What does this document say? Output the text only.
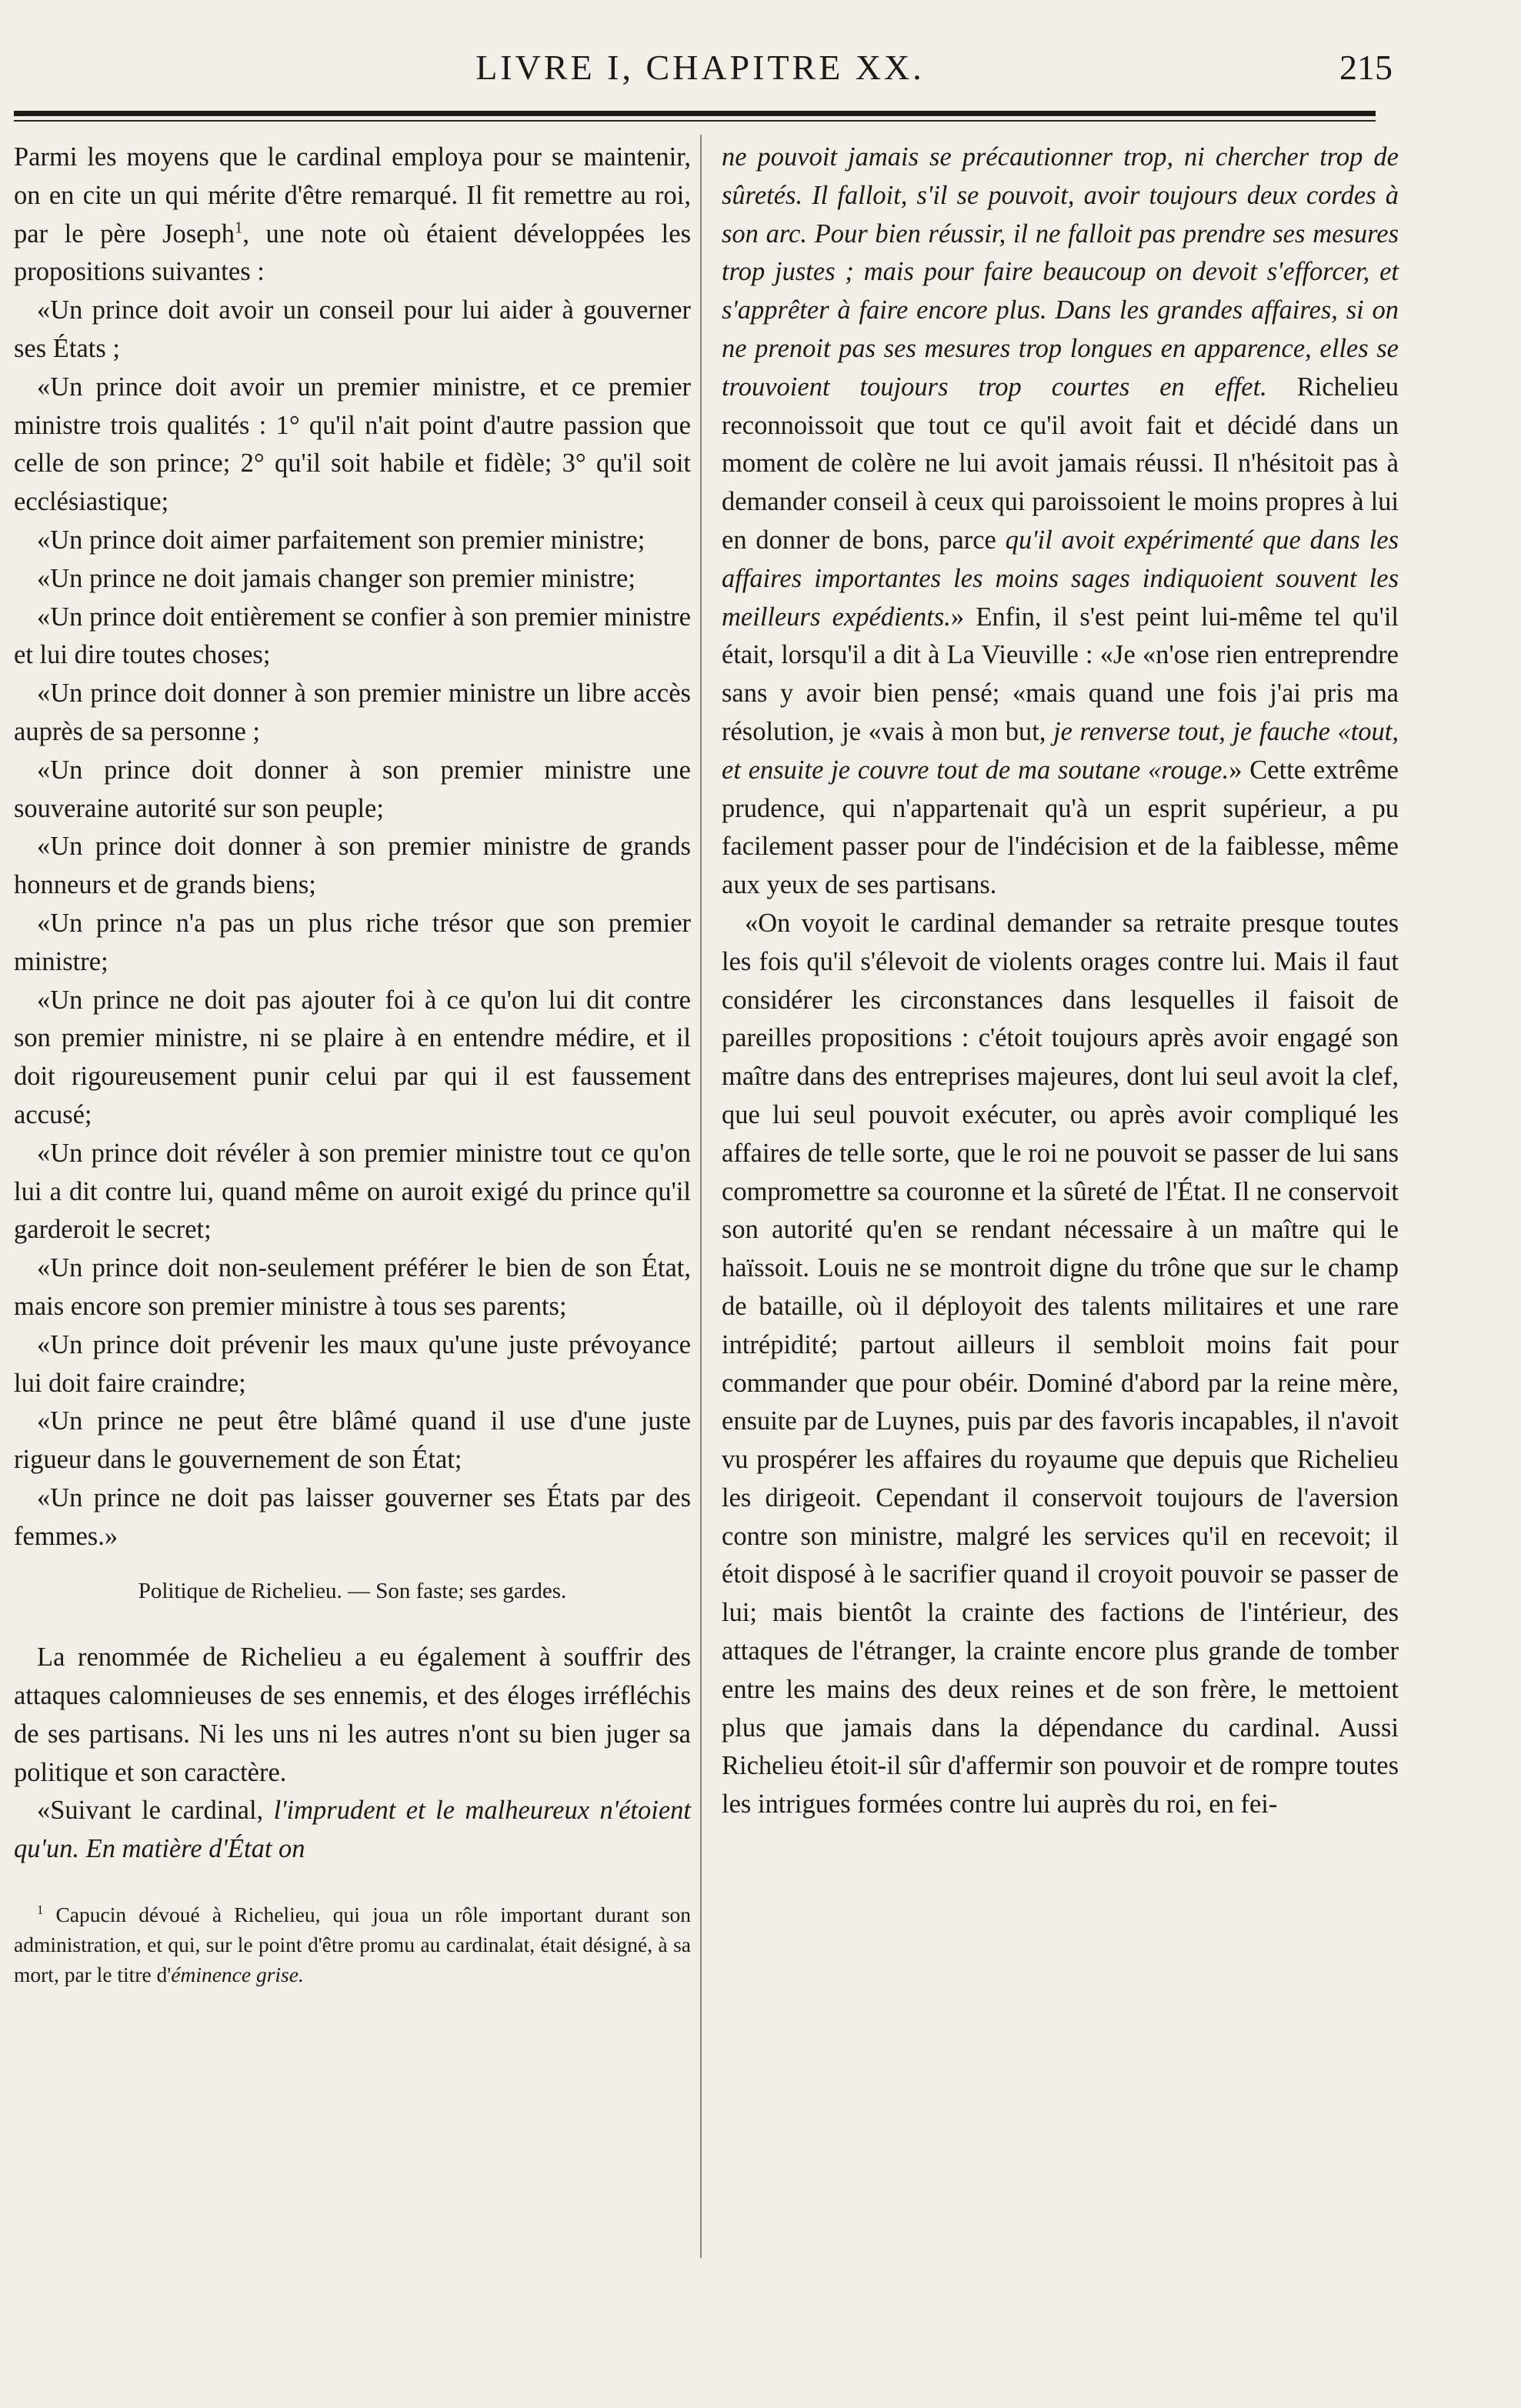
LIVRE I, CHAPITRE XX.	215

Parmi les moyens que le cardinal employa pour se maintenir, on en cite un qui mérite d'être remarqué. Il fit remettre au roi, par le père Joseph$^1$, une note où étaient développées les propositions suivantes :

«Un prince doit avoir un conseil pour lui aider à gouverner ses États ;

«Un prince doit avoir un premier ministre, et ce premier ministre trois qualités : 1° qu'il n'ait point d'autre passion que celle de son prince; 2° qu'il soit habile et fidèle; 3° qu'il soit ecclésiastique;

«Un prince doit aimer parfaitement son premier ministre;

«Un prince ne doit jamais changer son premier ministre;

«Un prince doit entièrement se confier à son premier ministre et lui dire toutes choses;

«Un prince doit donner à son premier ministre un libre accès auprès de sa personne ;

«Un prince doit donner à son premier ministre une souveraine autorité sur son peuple;

«Un prince doit donner à son premier ministre de grands honneurs et de grands biens;

«Un prince n'a pas un plus riche trésor que son premier ministre;

«Un prince ne doit pas ajouter foi à ce qu'on lui dit contre son premier ministre, ni se plaire à en entendre médire, et il doit rigoureusement punir celui par qui il est faussement accusé;

«Un prince doit révéler à son premier ministre tout ce qu'on lui a dit contre lui, quand même on auroit exigé du prince qu'il garderoit le secret;

«Un prince doit non-seulement préférer le bien de son État, mais encore son premier ministre à tous ses parents;

«Un prince doit prévenir les maux qu'une juste prévoyance lui doit faire craindre;

«Un prince ne peut être blâmé quand il use d'une juste rigueur dans le gouvernement de son État;

«Un prince ne doit pas laisser gouverner ses États par des femmes.»

Politique de Richelieu. — Son faste; ses gardes.

La renommée de Richelieu a eu également à souffrir des attaques calomnieuses de ses ennemis, et des éloges irréfléchis de ses partisans. Ni les uns ni les autres n'ont su bien juger sa politique et son caractère.

«Suivant le cardinal, l'imprudent et le malheureux n'étoient qu'un. En matière d'État on

$^1$ Capucin dévoué à Richelieu, qui joua un rôle important durant son administration, et qui, sur le point d'être promu au cardinalat, était désigné, à sa mort, par le titre d'éminence grise.

ne pouvoit jamais se précautionner trop, ni chercher trop de sûretés. Il falloit, s'il se pouvoit, avoir toujours deux cordes à son arc. Pour bien réussir, il ne falloit pas prendre ses mesures trop justes ; mais pour faire beaucoup on devoit s'efforcer, et s'apprêter à faire encore plus. Dans les grandes affaires, si on ne prenoit pas ses mesures trop longues en apparence, elles se trouvoient toujours trop courtes en effet. Richelieu reconnoissoit que tout ce qu'il avoit fait et décidé dans un moment de colère ne lui avoit jamais réussi. Il n'hésitoit pas à demander conseil à ceux qui paroissoient le moins propres à lui en donner de bons, parce qu'il avoit expérimenté que dans les affaires importantes les moins sages indiquoient souvent les meilleurs expédients.» Enfin, il s'est peint lui-même tel qu'il était, lorsqu'il a dit à La Vieuville : «Je «n'ose rien entreprendre sans y avoir bien pensé; «mais quand une fois j'ai pris ma résolution, je «vais à mon but, je renverse tout, je fauche «tout, et ensuite je couvre tout de ma soutane «rouge.» Cette extrême prudence, qui n'appartenait qu'à un esprit supérieur, a pu facilement passer pour de l'indécision et de la faiblesse, même aux yeux de ses partisans.

«On voyoit le cardinal demander sa retraite presque toutes les fois qu'il s'élevoit de violents orages contre lui. Mais il faut considérer les circonstances dans lesquelles il faisoit de pareilles propositions : c'étoit toujours après avoir engagé son maître dans des entreprises majeures, dont lui seul avoit la clef, que lui seul pouvoit exécuter, ou après avoir compliqué les affaires de telle sorte, que le roi ne pouvoit se passer de lui sans compromettre sa couronne et la sûreté de l'État. Il ne conservoit son autorité qu'en se rendant nécessaire à un maître qui le haïssoit. Louis ne se montroit digne du trône que sur le champ de bataille, où il déployoit des talents militaires et une rare intrépidité; partout ailleurs il sembloit moins fait pour commander que pour obéir. Dominé d'abord par la reine mère, ensuite par de Luynes, puis par des favoris incapables, il n'avoit vu prospérer les affaires du royaume que depuis que Richelieu les dirigeoit. Cependant il conservoit toujours de l'aversion contre son ministre, malgré les services qu'il en recevoit; il étoit disposé à le sacrifier quand il croyoit pouvoir se passer de lui; mais bientôt la crainte des factions de l'intérieur, des attaques de l'étranger, la crainte encore plus grande de tomber entre les mains des deux reines et de son frère, le mettoient plus que jamais dans la dépendance du cardinal. Aussi Richelieu étoit-il sûr d'affermir son pouvoir et de rompre toutes les intrigues formées contre lui auprès du roi, en fei-
